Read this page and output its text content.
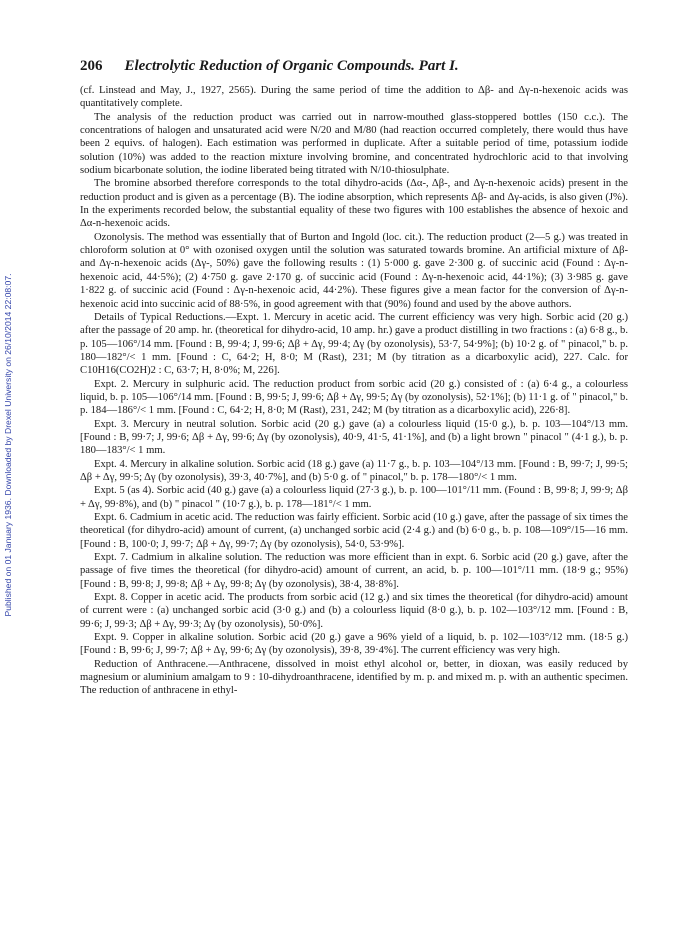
Published on 01 January 1936. Downloaded by Drexel University on 26/10/2014 22:08:07.
206 Electrolytic Reduction of Organic Compounds. Part I.

(cf. Linstead and May, J., 1927, 2565). During the same period of time the addition to Δβ- and Δγ-n-hexenoic acids was quantitatively complete.

The analysis of the reduction product was carried out in narrow-mouthed glass-stoppered bottles (150 c.c.). The concentrations of halogen and unsaturated acid were N/20 and M/80 (had reaction occurred completely, there would thus have been 2 equivs. of halogen). Each estimation was performed in duplicate. After a suitable period of time, potassium iodide solution (10%) was added to the reaction mixture involving bromine, and concentrated hydrochloric acid to that involving sodium bicarbonate solution, the iodine liberated being titrated with N/10-thiosulphate.

The bromine absorbed therefore corresponds to the total dihydro-acids (Δα-, Δβ-, and Δγ-n-hexenoic acids) present in the reduction product and is given as a percentage (B). The iodine absorption, which represents Δβ- and Δγ-acids, is also given (J%). In the experiments recorded below, the substantial equality of these two figures with 100 establishes the absence of hexoic and Δα-n-hexenoic acids.

Ozonolysis. The method was essentially that of Burton and Ingold (loc. cit.). The reduction product (2—5 g.) was treated in chloroform solution at 0° with ozonised oxygen until the solution was saturated towards bromine. An artificial mixture of Δβ- and Δγ-n-hexenoic acids (Δγ-, 50%) gave the following results : (1) 5·000 g. gave 2·300 g. of succinic acid (Found : Δγ-n-hexenoic acid, 44·5%); (2) 4·750 g. gave 2·170 g. of succinic acid (Found : Δγ-n-hexenoic acid, 44·1%); (3) 3·985 g. gave 1·822 g. of succinic acid (Found : Δγ-n-hexenoic acid, 44·2%). These figures give a mean factor for the conversion of Δγ-n-hexenoic acid into succinic acid of 88·5%, in good agreement with that (90%) found and used by the above authors.

Details of Typical Reductions.—Expt. 1. Mercury in acetic acid. The current efficiency was very high. Sorbic acid (20 g.) after the passage of 20 amp. hr. (theoretical for dihydro-acid, 10 amp. hr.) gave a product distilling in two fractions : (a) 6·8 g., b. p. 105—106°/14 mm. [Found : B, 99·4; J, 99·6; Δβ + Δγ, 99·4; Δγ (by ozonolysis), 53·7, 54·9%]; (b) 10·2 g. of " pinacol," b. p. 180—182°/< 1 mm. [Found : C, 64·2; H, 8·0; M (Rast), 231; M (by titration as a dicarboxylic acid), 227. Calc. for C10H16(CO2H)2 : C, 63·7; H, 8·0%; M, 226].

Expt. 2. Mercury in sulphuric acid. The reduction product from sorbic acid (20 g.) consisted of : (a) 6·4 g., a colourless liquid, b. p. 105—106°/14 mm. [Found : B, 99·5; J, 99·6; Δβ + Δγ, 99·5; Δγ (by ozonolysis), 52·1%]; (b) 11·1 g. of " pinacol," b. p. 184—186°/< 1 mm. [Found : C, 64·2; H, 8·0; M (Rast), 231, 242; M (by titration as a dicarboxylic acid), 226·8].

Expt. 3. Mercury in neutral solution. Sorbic acid (20 g.) gave (a) a colourless liquid (15·0 g.), b. p. 103—104°/13 mm. [Found : B, 99·7; J, 99·6; Δβ + Δγ, 99·6; Δγ (by ozonolysis), 40·9, 41·5, 41·1%], and (b) a light brown " pinacol " (4·1 g.), b. p. 180—183°/< 1 mm.

Expt. 4. Mercury in alkaline solution. Sorbic acid (18 g.) gave (a) 11·7 g., b. p. 103—104°/13 mm. [Found : B, 99·7; J, 99·5; Δβ + Δγ, 99·5; Δγ (by ozonolysis), 39·3, 40·7%], and (b) 5·0 g. of " pinacol," b. p. 178—180°/< 1 mm.

Expt. 5 (as 4). Sorbic acid (40 g.) gave (a) a colourless liquid (27·3 g.), b. p. 100—101°/11 mm. (Found : B, 99·8; J, 99·9; Δβ + Δγ, 99·8%), and (b) " pinacol " (10·7 g.), b. p. 178—181°/< 1 mm.

Expt. 6. Cadmium in acetic acid. The reduction was fairly efficient. Sorbic acid (10 g.) gave, after the passage of six times the theoretical (for dihydro-acid) amount of current, (a) unchanged sorbic acid (2·4 g.) and (b) 6·0 g., b. p. 108—109°/15—16 mm. [Found : B, 100·0; J, 99·7; Δβ + Δγ, 99·7; Δγ (by ozonolysis), 54·0, 53·9%].

Expt. 7. Cadmium in alkaline solution. The reduction was more efficient than in expt. 6. Sorbic acid (20 g.) gave, after the passage of five times the theoretical (for dihydro-acid) amount of current, an acid, b. p. 100—101°/11 mm. (18·9 g.; 95%) [Found : B, 99·8; J, 99·8; Δβ + Δγ, 99·8; Δγ (by ozonolysis), 38·4, 38·8%].

Expt. 8. Copper in acetic acid. The products from sorbic acid (12 g.) and six times the theoretical (for dihydro-acid) amount of current were : (a) unchanged sorbic acid (3·0 g.) and (b) a colourless liquid (8·0 g.), b. p. 102—103°/12 mm. [Found : B, 99·6; J, 99·3; Δβ + Δγ, 99·3; Δγ (by ozonolysis), 50·0%].

Expt. 9. Copper in alkaline solution. Sorbic acid (20 g.) gave a 96% yield of a liquid, b. p. 102—103°/12 mm. (18·5 g.) [Found : B, 99·6; J, 99·7; Δβ + Δγ, 99·6; Δγ (by ozonolysis), 39·8, 39·4%]. The current efficiency was very high.

Reduction of Anthracene.—Anthracene, dissolved in moist ethyl alcohol or, better, in dioxan, was easily reduced by magnesium or aluminium amalgam to 9 : 10-dihydroanthracene, identified by m. p. and mixed m. p. with an authentic specimen. The reduction of anthracene in ethyl-
